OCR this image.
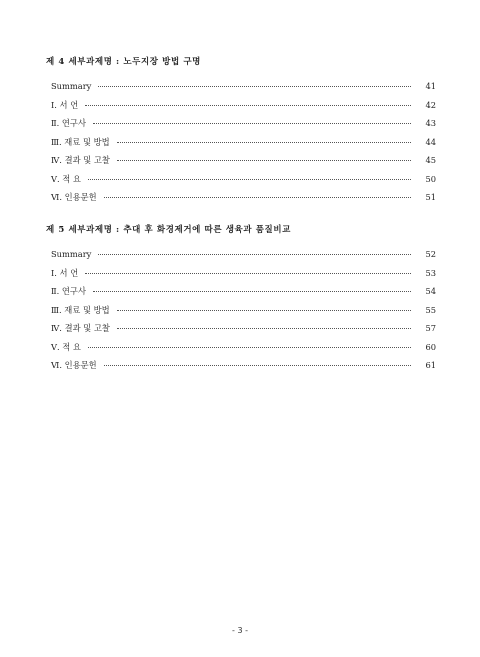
제 4 세부과제명 : 노두지장 방법 구명
Summary	41
Ⅰ. 서 언	42
Ⅱ. 연구사	43
Ⅲ. 재료 및 방법	44
Ⅳ. 결과 및 고찰	45
Ⅴ. 적 요	50
Ⅵ. 인용문헌	51
제 5 세부과제명 : 추대 후 화경제거에 따른 생육과 품질비교
Summary	52
Ⅰ. 서 언	53
Ⅱ. 연구사	54
Ⅲ. 재료 및 방법	55
Ⅳ. 결과 및 고찰	57
Ⅴ. 적 요	60
Ⅵ. 인용문헌	61
- 3 -
